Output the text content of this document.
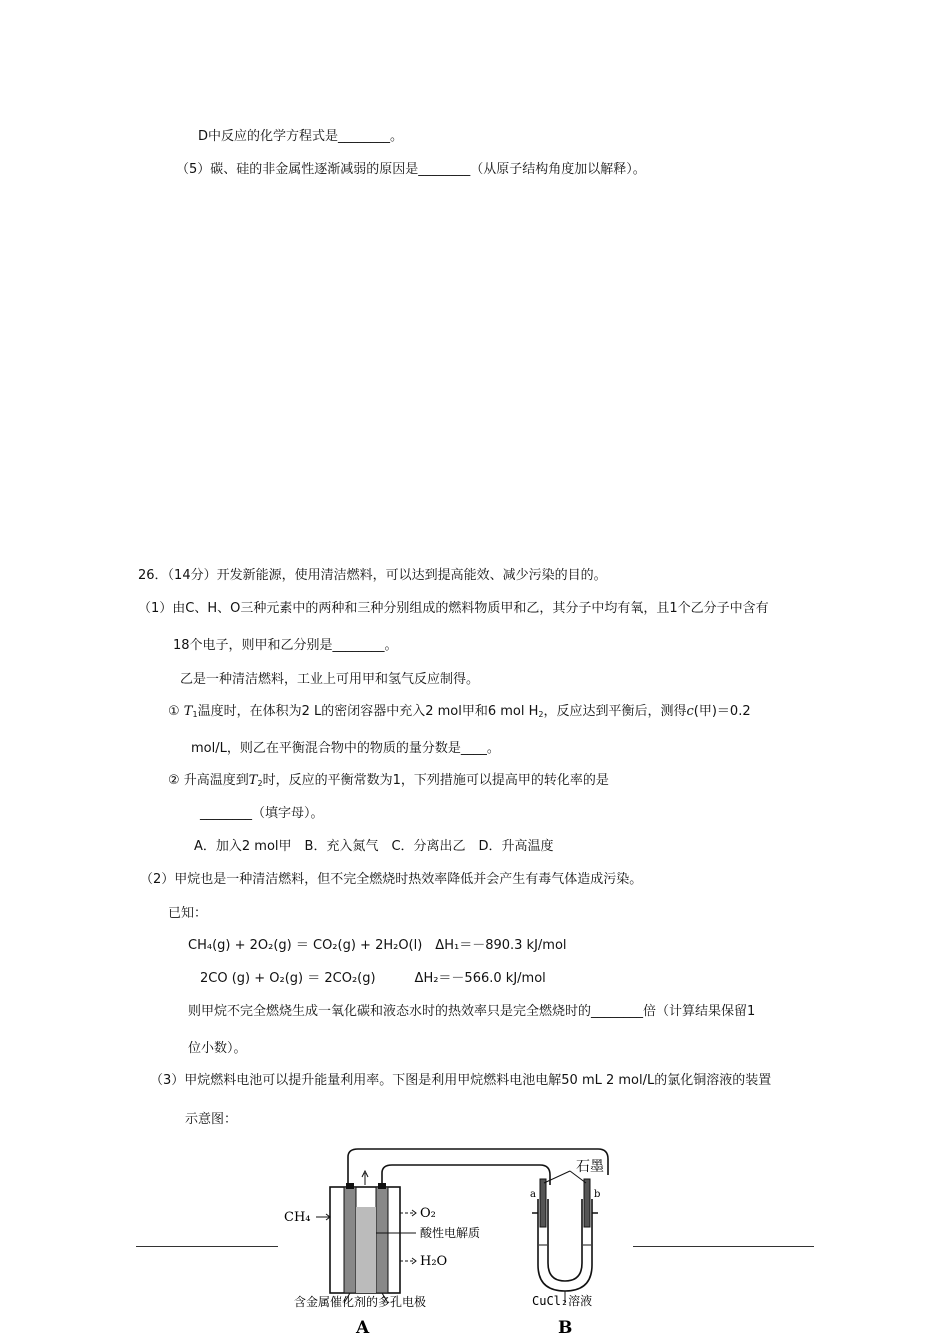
D中反应的化学方程式是________。
（5）碳、硅的非金属性逐渐减弱的原因是________（从原子结构角度加以解释）。
26．（14分）开发新能源，使用清洁燃料，可以达到提高能效、减少污染的目的。
（1）由C、H、O三种元素中的两种和三种分别组成的燃料物质甲和乙，其分子中均有氧，且1个乙分子中含有
18个电子，则甲和乙分别是________。
乙是一种清洁燃料，工业上可用甲和氢气反应制得。
① $T_1$温度时，在体积为2 L的密闭容器中充入2 mol甲和6 mol $H_2$，反应达到平衡后，测得c(甲)＝0.2
mol/L，则乙在平衡混合物中的物质的量分数是____。
② 升高温度到$T_2$时，反应的平衡常数为1，下列措施可以提高甲的转化率的是
________（填字母）。
A．加入2 mol甲　B．充入氮气　C．分离出乙　D．升高温度
（2）甲烷也是一种清洁燃料，但不完全燃烧时热效率降低并会产生有毒气体造成污染。
已知：
CH₄(g) + 2O₂(g) ＝ CO₂(g) + 2H₂O(l)　ΔH₁＝－890.3 kJ/mol
2CO (g) + O₂(g) ＝ 2CO₂(g)　　　ΔH₂＝－566.0 kJ/mol
则甲烷不完全燃烧生成一氧化碳和液态水时的热效率只是完全燃烧时的________倍（计算结果保留1
位小数）。
（3）甲烷燃料电池可以提升能量利用率。下图是利用甲烷燃料电池电解50 mL 2 mol/L的氯化铜溶液的装置
示意图：
CH₄	O₂
酸性电解质
H₂O
含金属催化剂的多孔电极
A
石墨
a	b
CuCl₂溶液
B
